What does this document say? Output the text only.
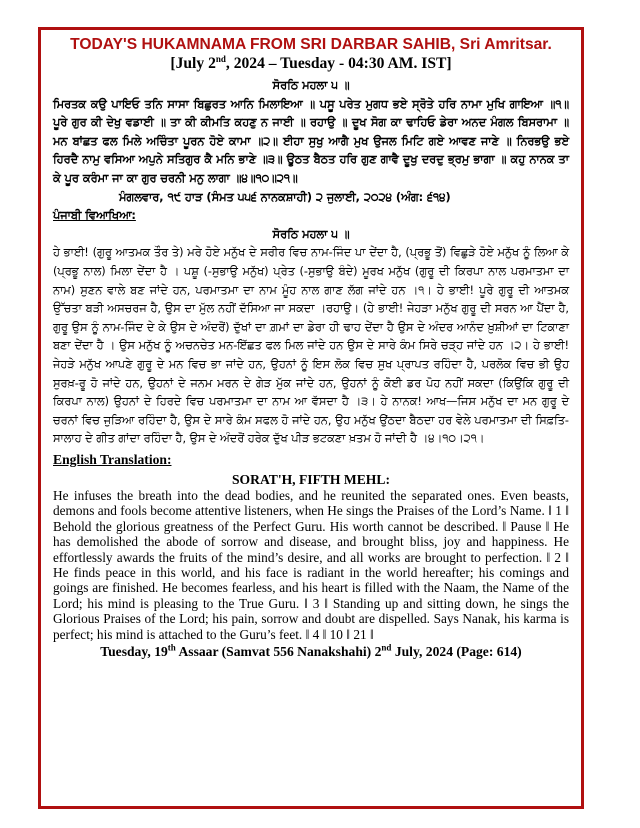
TODAY'S HUKAMNAMA FROM SRI DARBAR SAHIB, Sri Amritsar.
[July 2nd, 2024 – Tuesday - 04:30 AM. IST]
ਸੋਰਠਿ ਮਹਲਾ ੫ ॥
ਮਿਰਤਕ ਕਉ ਪਾਇਓ ਤਨਿ ਸਾਸਾ ਬਿਛੁਰਤ ਆਨਿ ਮਿਲਾਇਆ ॥ ਪਸੂ ਪਰੇਤ ਮੁਗਧ ਭਏ ਸ੍ਰੋਤੇ ਹਰਿ ਨਾਮਾ ਮੁਖਿ ਗਾਇਆ ॥੧॥ ਪੂਰੇ ਗੁਰ ਕੀ ਦੇਖੁ ਵਡਾਈ ॥ ਤਾ ਕੀ ਕੀਮਤਿ ਕਹਣੁ ਨ ਜਾਈ ॥ ਰਹਾਉ ॥ ਦੂਖ ਸੋਗ ਕਾ ਢਾਹਿਓ ਡੇਰਾ ਅਨਦ ਮੰਗਲ ਬਿਸਰਾਮਾ ॥ ਮਨ ਬਾਂਛਤ ਫਲ ਮਿਲੇ ਅਚਿੰਤਾ ਪੂਰਨ ਹੋਏ ਕਾਮਾ ॥੨॥ ਈਹਾ ਸੁਖੁ ਆਗੈ ਮੁਖ ਉਜਲ ਮਿਟਿ ਗਏ ਆਵਣ ਜਾਣੇ ॥ ਨਿਰਭਉ ਭਏ ਹਿਰਦੈ ਨਾਮੁ ਵਸਿਆ ਅਪੁਨੇ ਸਤਿਗੁਰ ਕੈ ਮਨਿ ਭਾਣੇ ॥੩॥ ਊਠਤ ਬੈਠਤ ਹਰਿ ਗੁਣ ਗਾਵੈ ਦੂਖੁ ਦਰਦੁ ਭ੍ਰਮੁ ਭਾਗਾ ॥ ਕਹੁ ਨਾਨਕ ਤਾ ਕੇ ਪੂਰ ਕਰੰਮਾ ਜਾ ਕਾ ਗੁਰ ਚਰਨੀ ਮਨੁ ਲਾਗਾ ॥੪॥੧੦॥੨੧॥
ਮੰਗਲਵਾਰ, ੧੯ ਹਾੜ (ਸੰਮਤ ੫੫੬ ਨਾਨਕਸ਼ਾਹੀ) ੨ ਜੁਲਾਈ, ੨੦੨੪ (ਅੰਗ: ੬੧੪)
ਪੰਜਾਬੀ ਵਿਆਖਿਆ:
ਸੋਰਠਿ ਮਹਲਾ ੫ ॥
ਹੇ ਭਾਈ! (ਗੁਰੂ ਆਤਮਕ ਤੌਰ ਤੇ) ਮਰੇ ਹੋਏ ਮਨੁੱਖ ਦੇ ਸਰੀਰ ਵਿਚ ਨਾਮ-ਜਿੰਦ ਪਾ ਦੇਂਦਾ ਹੈ, (ਪ੍ਰਭੂ ਤੋਂ) ਵਿਛੁੜੇ ਹੋਏ ਮਨੁੱਖ ਨੂੰ ਲਿਆ ਕੇ (ਪ੍ਰਭੂ ਨਾਲ) ਮਿਲਾ ਦੇਂਦਾ ਹੈ । ਪਸ਼ੂ (-ਸੁਭਾਉ ਮਨੁੱਖ) ਪ੍ਰੇਤ (-ਸੁਭਾਉ ਬੰਦੇ) ਮੂਰਖ ਮਨੁੱਖ (ਗੁਰੂ ਦੀ ਕਿਰਪਾ ਨਾਲ ਪਰਮਾਤਮਾ ਦਾ ਨਾਮ) ਸੁਣਨ ਵਾਲੇ ਬਣ ਜਾਂਦੇ ਹਨ, ਪਰਮਾਤਮਾ ਦਾ ਨਾਮ ਮੂੰਹ ਨਾਲ ਗਾਣ ਲੱਗ ਜਾਂਦੇ ਹਨ ।੧। ਹੇ ਭਾਈ! ਪੂਰੇ ਗੁਰੂ ਦੀ ਆਤਮਕ ਉੱਚਤਾ ਬੜੀ ਅਸਚਰਜ ਹੈ, ਉਸ ਦਾ ਮੁੱਲ ਨਹੀਂ ਦੱਸਿਆ ਜਾ ਸਕਦਾ ।ਰਹਾਉ। (ਹੇ ਭਾਈ! ਜੇਹੜਾ ਮਨੁੱਖ ਗੁਰੂ ਦੀ ਸਰਨ ਆ ਪੈਂਦਾ ਹੈ, ਗੁਰੂ ਉਸ ਨੂੰ ਨਾਮ-ਜਿੰਦ ਦੇ ਕੇ ਉਸ ਦੇ ਅੰਦਰੋਂ) ਦੁੱਖਾਂ ਦਾ ਗ਼ਮਾਂ ਦਾ ਡੇਰਾ ਹੀ ਢਾਹ ਦੇਂਦਾ ਹੈ ਉਸ ਦੇ ਅੰਦਰ ਆਨੰਦ ਖ਼ੁਸ਼ੀਆਂ ਦਾ ਟਿਕਾਣਾ ਬਣਾ ਦੇਂਦਾ ਹੈ । ਉਸ ਮਨੁੱਖ ਨੂੰ ਅਚਨਚੇਤ ਮਨ-ਇੱਛਤ ਫਲ ਮਿਲ ਜਾਂਦੇ ਹਨ ਉਸ ਦੇ ਸਾਰੇ ਕੰਮ ਸਿਰੇ ਚੜ੍ਹ ਜਾਂਦੇ ਹਨ ।੨। ਹੇ ਭਾਈ! ਜੇਹੜੇ ਮਨੁੱਖ ਆਪਣੇ ਗੁਰੂ ਦੇ ਮਨ ਵਿਚ ਭਾ ਜਾਂਦੇ ਹਨ, ਉਹਨਾਂ ਨੂੰ ਇਸ ਲੋਕ ਵਿਚ ਸੁਖ ਪ੍ਰਾਪਤ ਰਹਿੰਦਾ ਹੈ, ਪਰਲੋਕ ਵਿਚ ਭੀ ਉਹ ਸੁਰਖ਼-ਰੂ ਹੋ ਜਾਂਦੇ ਹਨ, ਉਹਨਾਂ ਦੇ ਜਨਮ ਮਰਨ ਦੇ ਗੇੜ ਮੁੱਕ ਜਾਂਦੇ ਹਨ, ਉਹਨਾਂ ਨੂੰ ਕੋਈ ਡਰ ਪੋਹ ਨਹੀਂ ਸਕਦਾ (ਕਿਉਂਕਿ ਗੁਰੂ ਦੀ ਕਿਰਪਾ ਨਾਲ) ਉਹਨਾਂ ਦੇ ਹਿਰਦੇ ਵਿਚ ਪਰਮਾਤਮਾ ਦਾ ਨਾਮ ਆ ਵੱਸਦਾ ਹੈ ।੩। ਹੇ ਨਾਨਕ! ਆਖ—ਜਿਸ ਮਨੁੱਖ ਦਾ ਮਨ ਗੁਰੂ ਦੇ ਚਰਨਾਂ ਵਿਚ ਜੁੜਿਆ ਰਹਿੰਦਾ ਹੈ, ਉਸ ਦੇ ਸਾਰੇ ਕੰਮ ਸਫਲ ਹੋ ਜਾਂਦੇ ਹਨ, ਉਹ ਮਨੁੱਖ ਉਂਠਦਾ ਬੈਠਦਾ ਹਰ ਵੇਲੇ ਪਰਮਾਤਮਾ ਦੀ ਸਿਫ਼ਤਿ-ਸਾਲਾਹ ਦੇ ਗੀਤ ਗਾਂਦਾ ਰਹਿੰਦਾ ਹੈ, ਉਸ ਦੇ ਅੰਦਰੋਂ ਹਰੇਕ ਦੁੱਖ ਪੀੜ ਭਟਕਣਾ ਖ਼ਤਮ ਹੋ ਜਾਂਦੀ ਹੈ ।੪।੧੦।੨੧।
English Translation:
SORAT'H, FIFTH MEHL:
He infuses the breath into the dead bodies, and he reunited the separated ones. Even beasts, demons and fools become attentive listeners, when He sings the Praises of the Lord’s Name. ‖ 1 ‖ Behold the glorious greatness of the Perfect Guru. His worth cannot be described. ‖ Pause ‖ He has demolished the abode of sorrow and disease, and brought bliss, joy and happiness. He effortlessly awards the fruits of the mind’s desire, and all works are brought to perfection. ‖ 2 ‖ He finds peace in this world, and his face is radiant in the world hereafter; his comings and goings are finished. He becomes fearless, and his heart is filled with the Naam, the Name of the Lord; his mind is pleasing to the True Guru. ‖ 3 ‖ Standing up and sitting down, he sings the Glorious Praises of the Lord; his pain, sorrow and doubt are dispelled. Says Nanak, his karma is perfect; his mind is attached to the Guru’s feet. ‖ 4 ‖ 10 ‖ 21 ‖
Tuesday, 19th Assaar (Samvat 556 Nanakshahi) 2nd July, 2024 (Page: 614)
